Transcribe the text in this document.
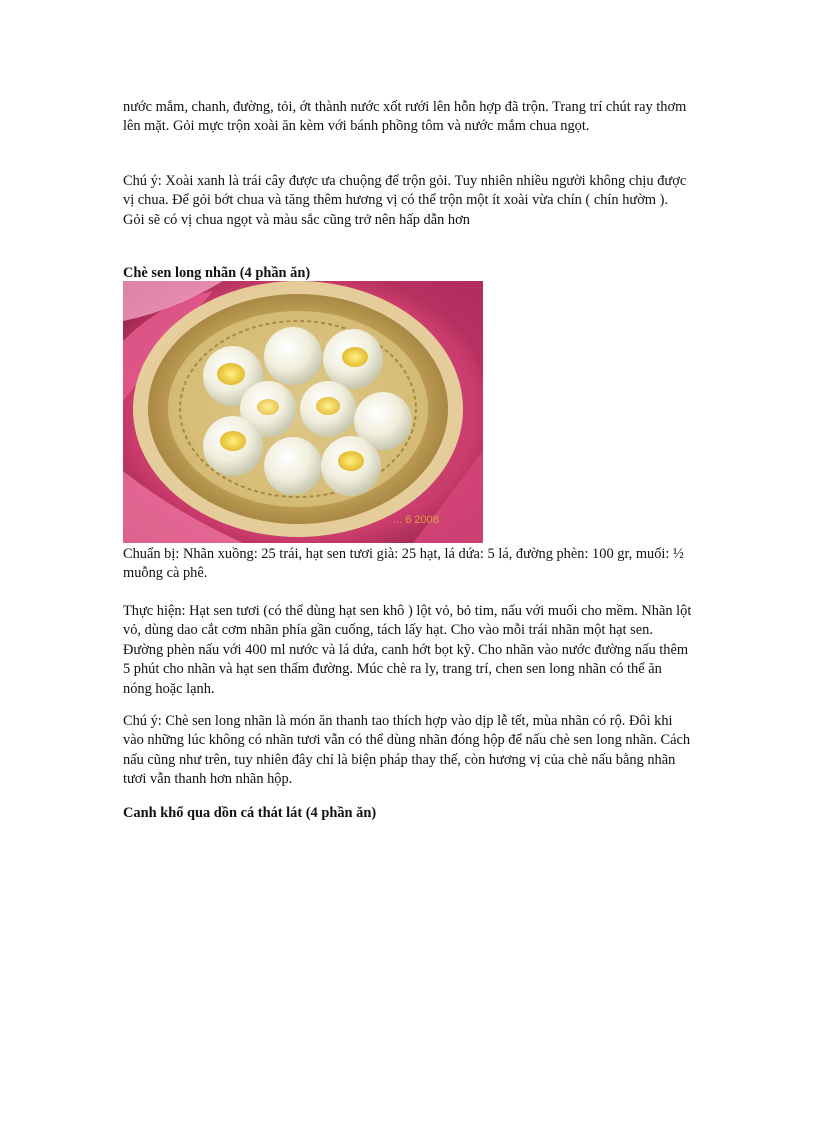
nước mắm, chanh, đường, tỏi, ớt thành nước xốt rưới lên hỗn hợp đã trộn. Trang trí chút ray thơm lên mặt. Gỏi mực trộn xoài ăn kèm với bánh phồng tôm và nước mắm chua ngọt.

Chú ý: Xoài xanh là trái cây được ưa chuộng để trộn gỏi. Tuy nhiên nhiều người không chịu được vị chua. Để gỏi bớt chua và tăng thêm hương vị có thể trộn một ít xoài vừa chín ( chín hườm ). Gỏi sẽ có vị chua ngọt và màu sắc cũng trở nên hấp dẫn hơn

Chè sen long nhãn (4 phần ăn)
... 6 2008

Chuẩn bị: Nhãn xuồng: 25 trái, hạt sen tươi già: 25 hạt, lá dứa: 5 lá, đường phèn: 100 gr, muối: ½ muỗng cà phê.

Thực hiện: Hạt sen tươi (có thể dùng hạt sen khô ) lột vỏ, bỏ tim, nấu với muối cho mềm. Nhãn lột vỏ, dùng dao cắt cơm nhãn phía gần cuống, tách lấy hạt. Cho vào mỗi trái nhãn một hạt sen. Đường phèn nấu với 400 ml nước và lá dứa, canh hớt bọt kỹ. Cho nhãn vào nước đường nấu thêm 5 phút cho nhãn và hạt sen thấm đường. Múc chè ra ly, trang trí, chen sen long nhãn có thể ăn nóng hoặc lạnh.

Chú ý: Chè sen long nhãn là món ăn thanh tao thích hợp vào dịp lễ tết, mùa nhãn có rộ. Đôi khi vào những lúc không có nhãn tươi vẫn có thể dùng nhãn đóng hộp để nấu chè sen long nhãn. Cách nấu cũng như trên, tuy nhiên đây chỉ là biện pháp thay thế, còn hương vị của chè nấu bằng nhãn tươi vẫn thanh hơn nhãn hộp.

Canh khổ qua dồn cá thát lát (4 phần ăn)
